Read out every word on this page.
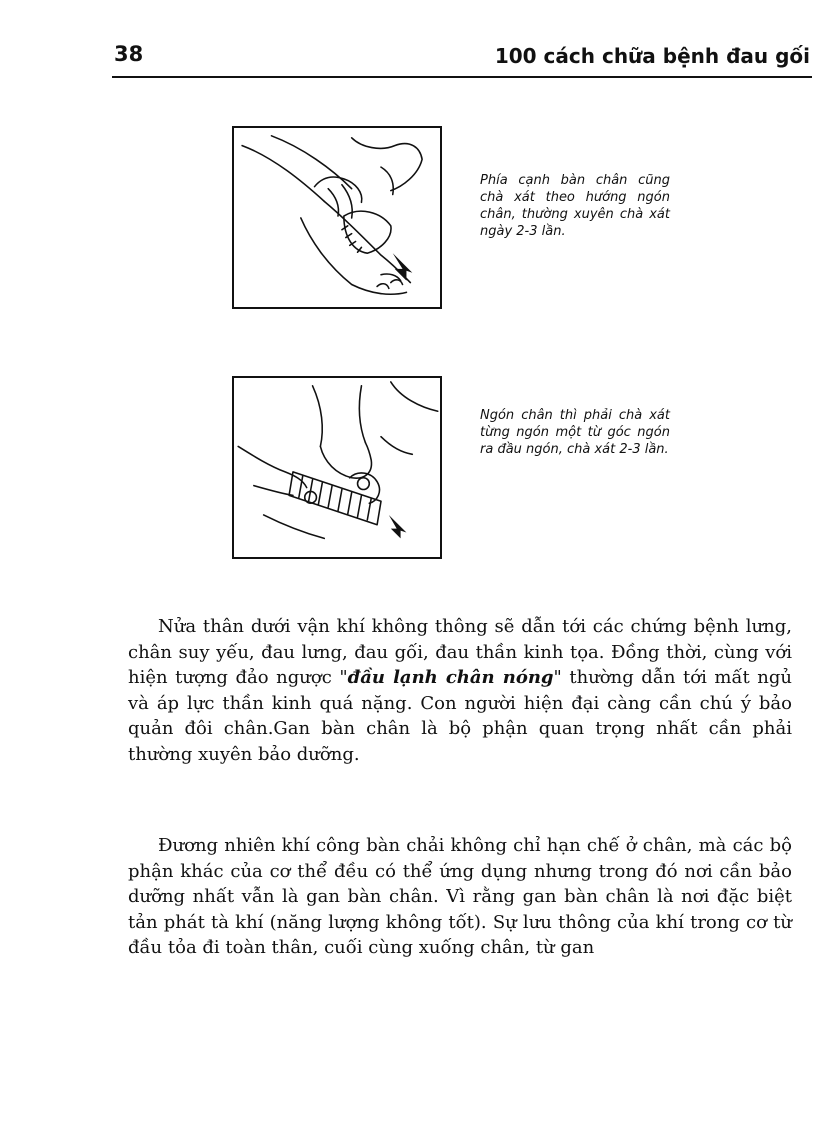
38	100 cách chữa bệnh đau gối
Phía cạnh bàn chân cũng chà xát theo hướng ngón chân, thường xuyên chà xát ngày 2-3 lần.
Ngón chân thì phải chà xát từng ngón một từ góc ngón ra đầu ngón, chà xát 2-3 lần.

Nửa thân dưới vận khí không thông sẽ dẫn tới các chứng bệnh lưng, chân suy yếu, đau lưng, đau gối, đau thần kinh tọa. Đồng thời, cùng với hiện tượng đảo ngược "đầu lạnh chân nóng" thường dẫn tới mất ngủ và áp lực thần kinh quá nặng. Con người hiện đại càng cần chú ý bảo quản đôi chân.Gan bàn chân là bộ phận quan trọng nhất cần phải thường xuyên bảo dưỡng.

Đương nhiên khí công bàn chải không chỉ hạn chế ở chân, mà các bộ phận khác của cơ thể đều có thể ứng dụng nhưng trong đó nơi cần bảo dưỡng nhất vẫn là gan bàn chân. Vì rằng gan bàn chân là nơi đặc biệt tản phát tà khí (năng lượng không tốt). Sự lưu thông của khí trong cơ từ đầu tỏa đi toàn thân, cuối cùng xuống chân, từ gan
